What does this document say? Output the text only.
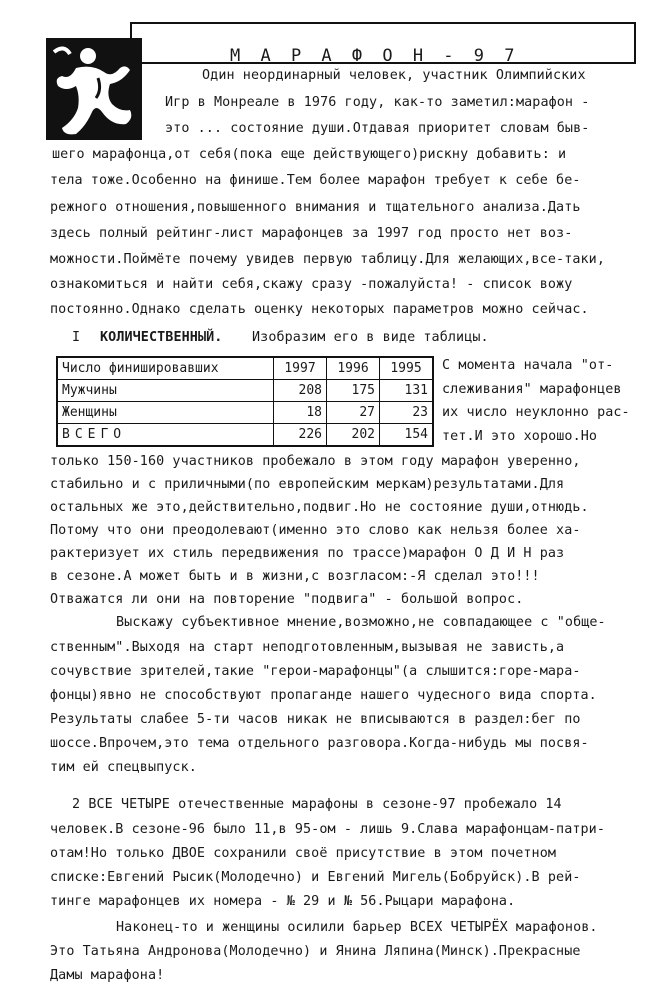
М А Р А Ф О Н - 9 7
Один неординарный человек, участник Олимпийских
Игр в Монреале в 1976 году, как-то заметил:марафон -
это ... состояние души.Отдавая приоритет словам быв-
шего марафонца,от себя(пока еще действующего)рискну добавить: и
тела тоже.Особенно на финише.Тем более марафон требует к себе бе-
режного отношения,повышенного внимания и тщательного анализа.Дать
здесь полный рейтинг-лист марафонцев за 1997 год просто нет воз-
можности.Поймёте почему увидев первую таблицу.Для желающих,все-таки,
ознакомиться и найти себя,скажу сразу -пожалуйста! - список вожу
постоянно.Однако сделать оценку некоторых параметров можно сейчас.
I КОЛИЧЕСТВЕННЫЙ. Изобразим его в виде таблицы.
Число финишировавших	1997	1996	1995
Мужчины	208	175	131
Женщины	18	27	23
ВСЕГО	226	202	154
С момента начала "от-
слеживания" марафонцев
их число неуклонно рас-
тет.И это хорошо.Но
только 150-160 участников пробежало в этом году марафон уверенно,
стабильно и с приличными(по европейским меркам)результатами.Для
остальных же это,действительно,подвиг.Но не состояние души,отнюдь.
Потому что они преодолевают(именно это слово как нельзя более ха-
рактеризует их стиль передвижения по трассе)марафон О Д И Н раз
в сезоне.А может быть и в жизни,с возгласом:-Я сделал это!!!
Отважатся ли они на повторение "подвига" - большой вопрос.
Выскажу субъективное мнение,возможно,не совпадающее с "обще-
ственным".Выходя на старт неподготовленным,вызывая не зависть,а
сочувствие зрителей,такие "герои-марафонцы"(а слышится:горе-мара-
фонцы)явно не способствуют пропаганде нашего чудесного вида спорта.
Результаты слабее 5-ти часов никак не вписываются в раздел:бег по
шоссе.Впрочем,это тема отдельного разговора.Когда-нибудь мы посвя-
тим ей спецвыпуск.
2 ВСЕ ЧЕТЫРЕ отечественные марафоны в сезоне-97 пробежало 14
человек.В сезоне-96 было 11,в 95-ом - лишь 9.Слава марафонцам-патри-
отам!Но только ДВОЕ сохранили своё присутствие в этом почетном
списке:Евгений Рысик(Молодечно) и Евгений Мигель(Бобруйск).В рей-
тинге марафонцев их номера - № 29 и № 56.Рыцари марафона.
Наконец-то и женщины осилили барьер ВСЕХ ЧЕТЫРЁХ марафонов.
Это Татьяна Андронова(Молодечно) и Янина Ляпина(Минск).Прекрасные
Дамы марафона!
